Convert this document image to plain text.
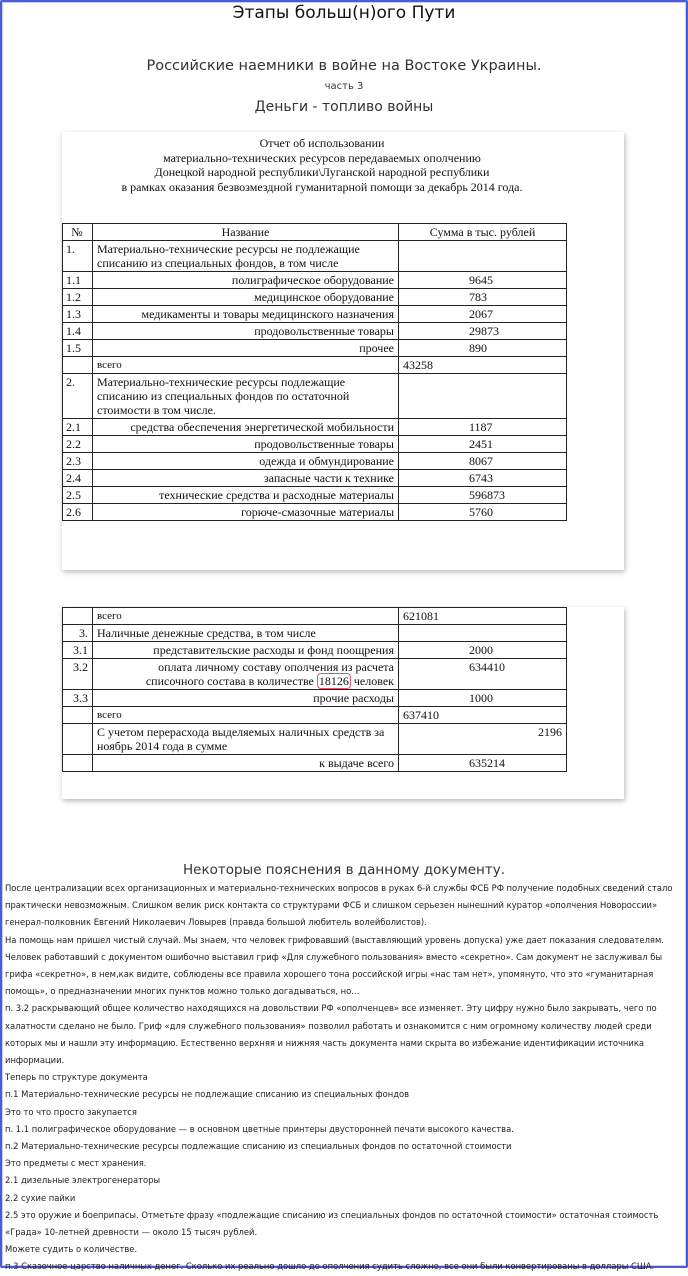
Этапы больш(н)ого Пути
Российские наемники в войне на Востоке Украины.
часть 3
Деньги - топливо войны
Отчет об использовании
материально-технических ресурсов передаваемых ополчению
Донецкой народной республики\Луганской народной республики
в рамках оказания безвозмездной гуманитарной помощи за декабрь 2014 года.
№	Название	Сумма в тыс. рублей
1.	Материально-технические ресурсы не подлежащие списанию из специальных фондов, в том числе	
1.1	полиграфическое оборудование	9645
1.2	медицинское оборудование	783
1.3	медикаменты и товары медицинского назначения	2067
1.4	продовольственные товары	29873
1.5	прочее	890
	всего	43258
2.	Материально-технические ресурсы подлежащие списанию из специальных фондов по остаточной стоимости в том числе.	
2.1	средства обеспечения энергетической мобильности	1187
2.2	продовольственные товары	2451
2.3	одежда и обмундирование	8067
2.4	запасные части к технике	6743
2.5	технические средства и расходные материалы	596873
2.6	горюче-смазочные материалы	5760
	всего	621081
3.	Наличные денежные средства, в том числе	
3.1	представительские расходы и фонд поощрения	2000
3.2	оплата личному составу ополчения из расчета
списочного состава в количестве 18126 человек	634410
3.3	прочие расходы	1000
	всего	637410
	С учетом перерасхода выделяемых наличных средств за ноябрь 2014 года в сумме	2196
	к выдаче всего	635214
Некоторые пояснения в данному документу.

После централизации всех организационных и материально-технических вопросов в руках 6-й службы ФСБ РФ получение подобных сведений стало практически невозможным. Слишком велик риск контакта со структурами ФСБ и слишком серьезен нынешний куратор «ополчения Новороссии» генерал-полковник Евгений Николаевич Ловырев (правда большой любитель волейболистов).

На помощь нам пришел чистый случай. Мы знаем, что человек грифовавший (выставляющий уровень допуска) уже дает показания следователям. Человек работавший с документом ошибочно выставил гриф «Для служебного пользования» вместо «секретно». Сам документ не заслуживал бы грифа «секретно», в нем,как видите, соблюдены все правила хорошего тона российской игры «нас там нет», упомянуто, что это «гуманитарная помощь», о предназначении многих пунктов можно только догадываться, но...

п. 3.2 раскрывающий общее количество находящихся на довольствии РФ «ополченцев» все изменяет. Эту цифру нужно было закрывать, чего по халатности сделано не было. Гриф «для служебного пользования» позволил работать и ознакомится с ним огромному количеству людей среди которых мы и нашли эту информацию. Естественно верхняя и нижняя часть документа нами скрыта во избежание идентификации источника информации.

Теперь по структуре документа

п.1 Материально-технические ресурсы не подлежащие списанию из специальных фондов

Это то что просто закупается

п. 1.1 полиграфическое оборудование — в основном цветные принтеры двусторонней печати высокого качества.

п.2 Материально-технические ресурсы подлежащие списанию из специальных фондов по остаточной стоимости

Это предметы с мест хранения.

2.1 дизельные электрогенераторы

2.2 сухие пайки

2.5 это оружие и боеприпасы. Отметьте фразу «подлежащие списанию из специальных фондов по остаточной стоимости» остаточная стоимость «Града» 10-летней древности — около 15 тысяч рублей.

Можете судить о количестве.

п.3 Сказочное царство наличных денег. Сколько их реально дошло до ополчения судить сложно, все они были конвертированы в доллары США.
